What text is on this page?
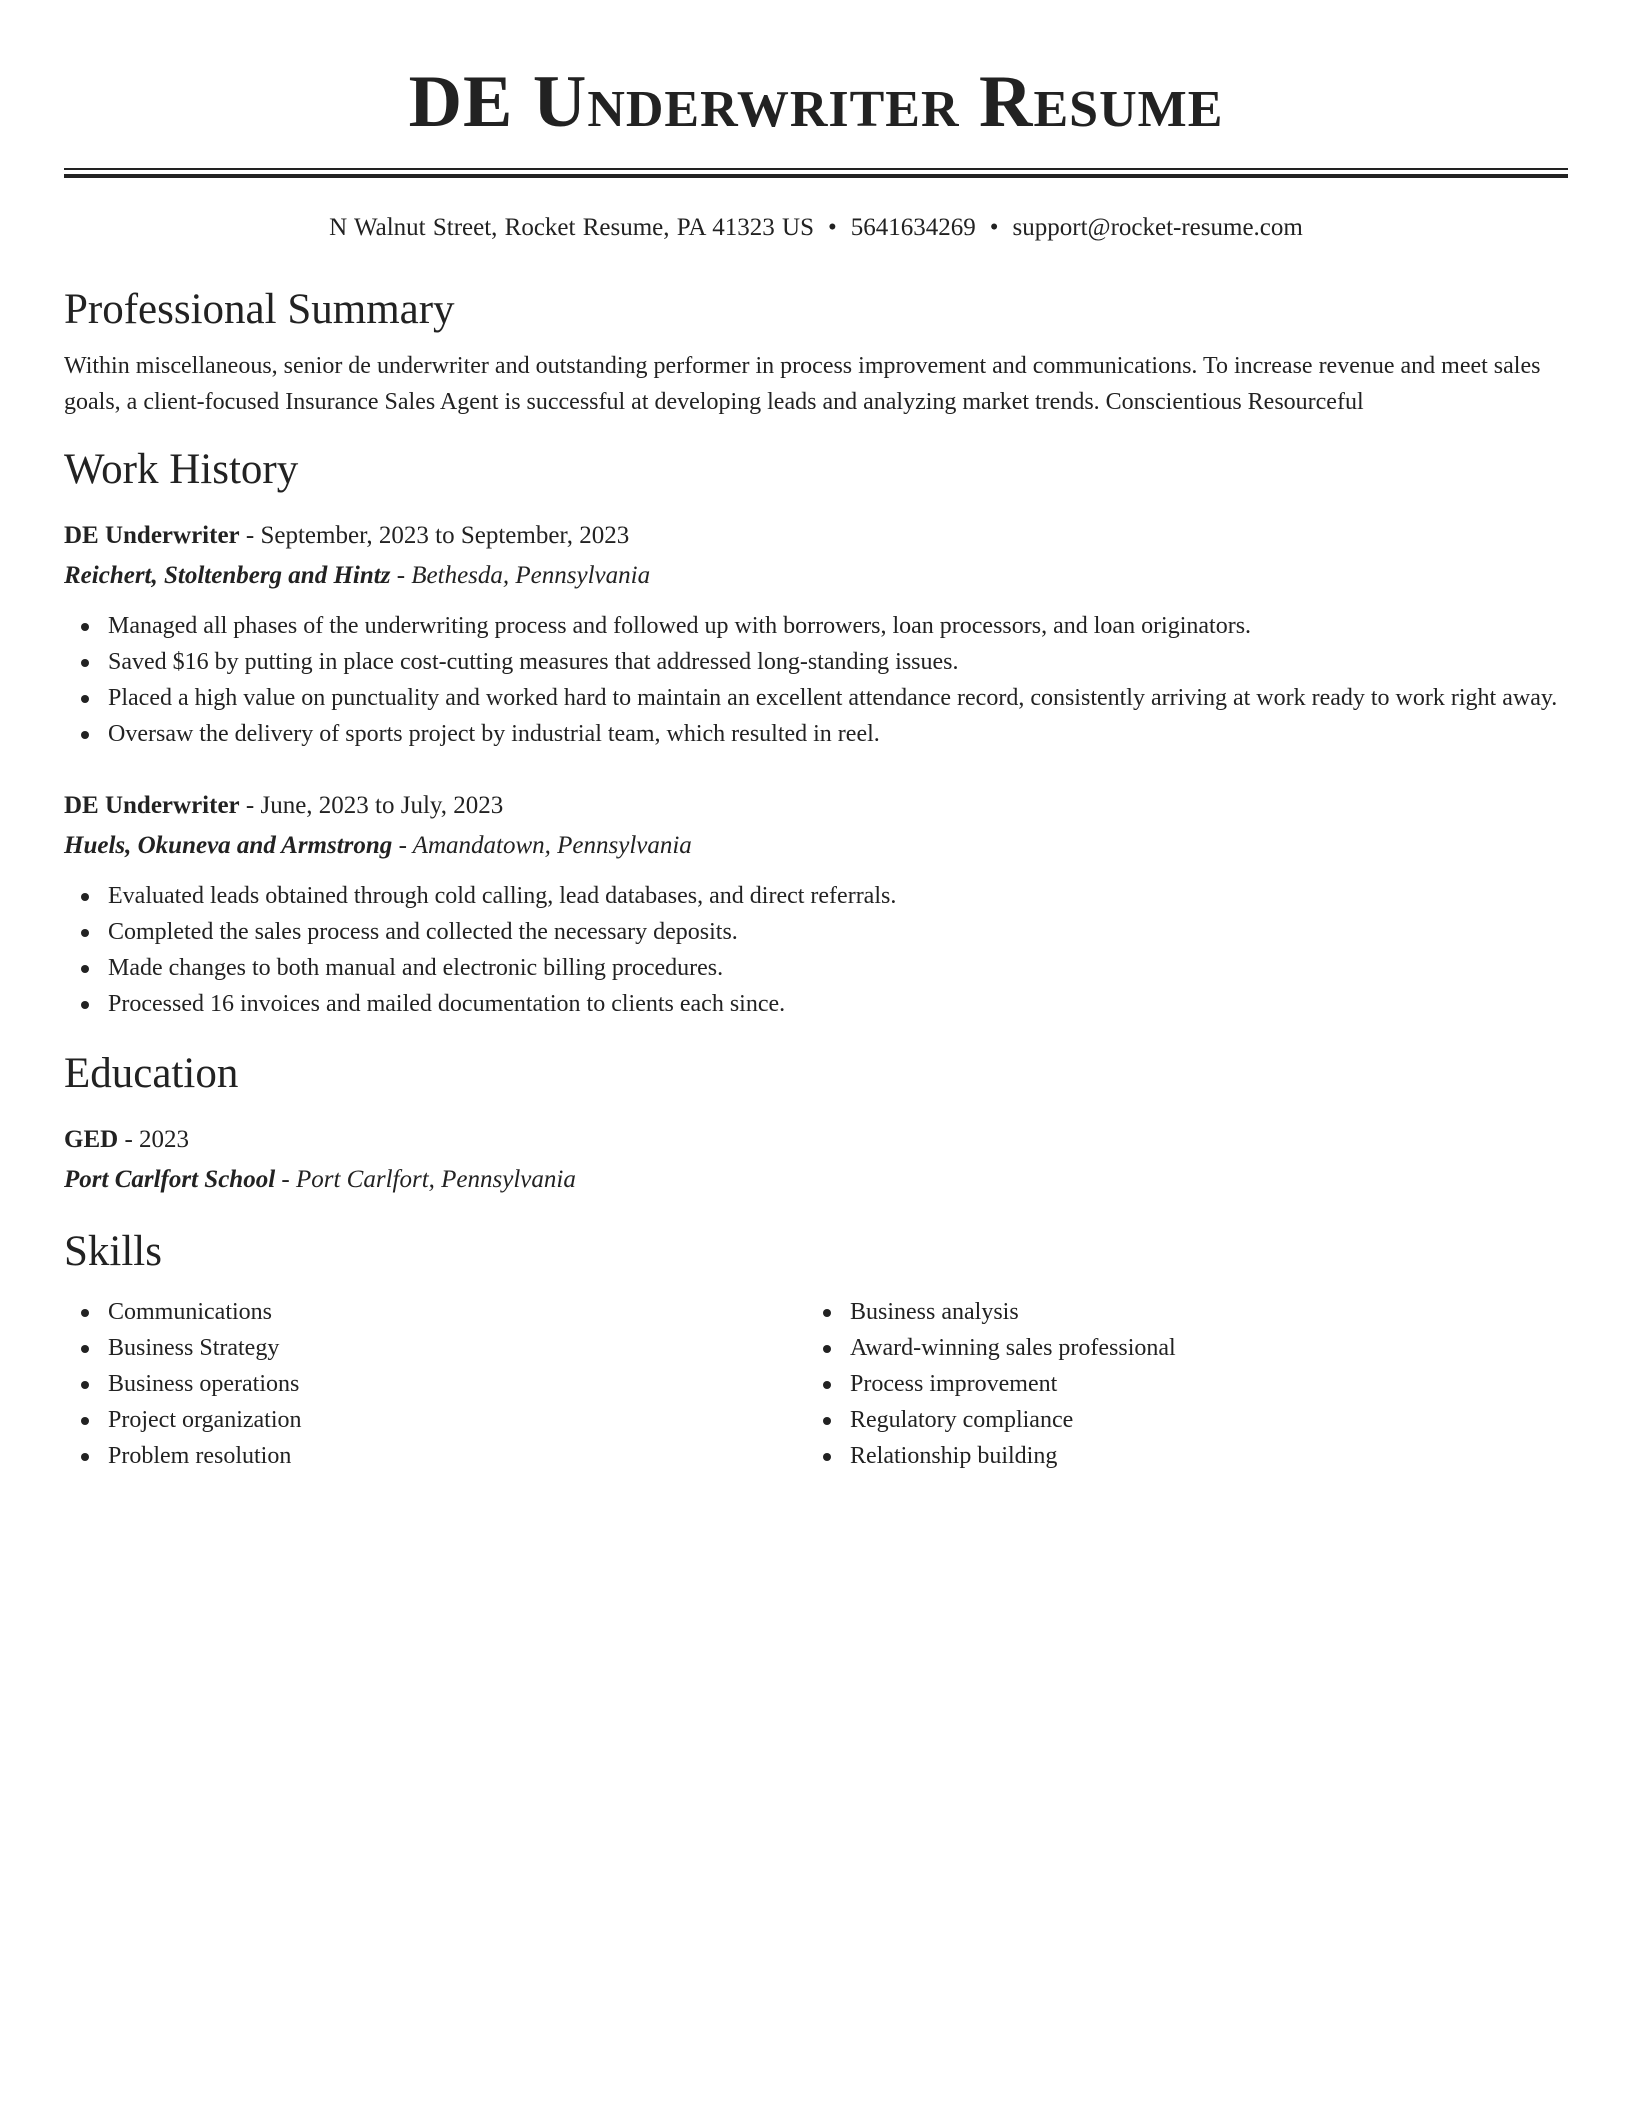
DE Underwriter Resume
N Walnut Street, Rocket Resume, PA 41323 US • 5641634269 • support@rocket-resume.com
Professional Summary

Within miscellaneous, senior de underwriter and outstanding performer in process improvement and communications. To increase revenue and meet sales goals, a client-focused Insurance Sales Agent is successful at developing leads and analyzing market trends. Conscientious Resourceful

Work History
DE Underwriter - September, 2023 to September, 2023
Reichert, Stoltenberg and Hintz - Bethesda, Pennsylvania
Managed all phases of the underwriting process and followed up with borrowers, loan processors, and loan originators.
Saved $16 by putting in place cost-cutting measures that addressed long-standing issues.
Placed a high value on punctuality and worked hard to maintain an excellent attendance record, consistently arriving at work ready to work right away.
Oversaw the delivery of sports project by industrial team, which resulted in reel.
DE Underwriter - June, 2023 to July, 2023
Huels, Okuneva and Armstrong - Amandatown, Pennsylvania
Evaluated leads obtained through cold calling, lead databases, and direct referrals.
Completed the sales process and collected the necessary deposits.
Made changes to both manual and electronic billing procedures.
Processed 16 invoices and mailed documentation to clients each since.
Education
GED - 2023
Port Carlfort School - Port Carlfort, Pennsylvania
Skills
Communications
Business Strategy
Business operations
Project organization
Problem resolution
Business analysis
Award-winning sales professional
Process improvement
Regulatory compliance
Relationship building
